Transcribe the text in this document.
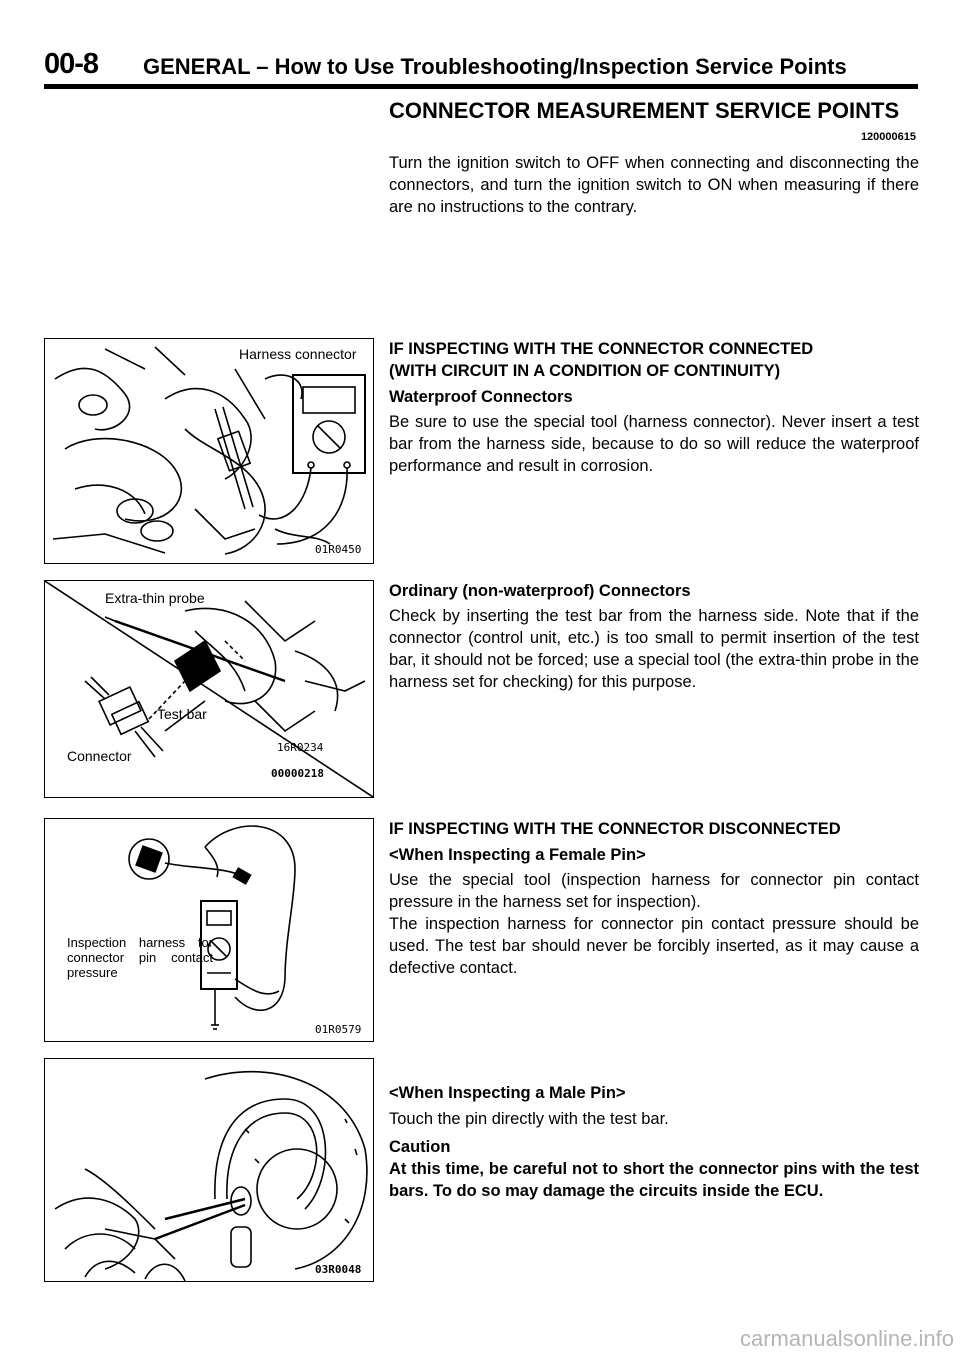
00-8 GENERAL – How to Use Troubleshooting/Inspection Service Points
CONNECTOR MEASUREMENT SERVICE POINTS
120000615
Turn the ignition switch to OFF when connecting and disconnecting the connectors, and turn the ignition switch to ON when measuring if there are no instructions to the contrary.
IF INSPECTING WITH THE CONNECTOR CONNECTED
(WITH CIRCUIT IN A CONDITION OF CONTINUITY)
Waterproof Connectors
Be sure to use the special tool (harness connector). Never insert a test bar from the harness side, because to do so will reduce the waterproof performance and result in corrosion.
Ordinary (non-waterproof) Connectors
Check by inserting the test bar from the harness side. Note that if the connector (control unit, etc.) is too small to permit insertion of the test bar, it should not be forced; use a special tool (the extra-thin probe in the harness set for checking) for this purpose.
IF INSPECTING WITH THE CONNECTOR DISCONNECTED
<When Inspecting a Female Pin>
Use the special tool (inspection harness for connector pin contact pressure in the harness set for inspection).
The inspection harness for connector pin contact pressure should be used. The test bar should never be forcibly inserted, as it may cause a defective contact.
<When Inspecting a Male Pin>
Touch the pin directly with the test bar.
Caution
At this time, be careful not to short the connector pins with the test bars. To do so may damage the circuits inside the ECU.
Harness connector
01R0450
Extra-thin probe
Test bar
Connector
16R0234
00000218
Inspection harness for connector pin contact pressure
01R0579
03R0048
carmanualsonline.info
